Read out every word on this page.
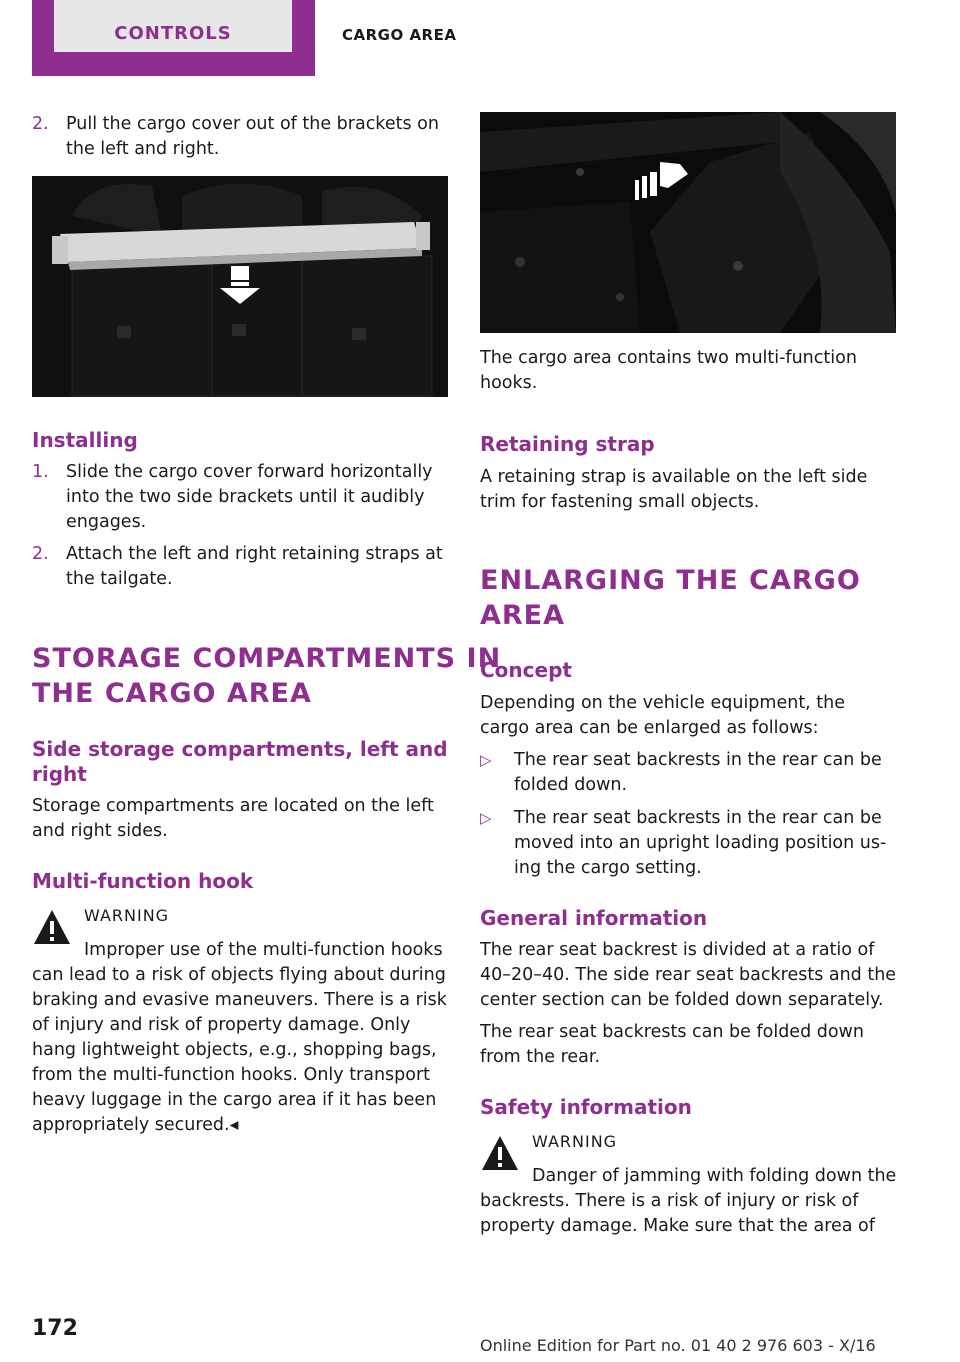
CONTROLS	CARGO AREA
2. Pull the cargo cover out of the brackets on
the left and right.
Installing
1. Slide the cargo cover forward horizontally
into the two side brackets until it audibly
engages.
2. Attach the left and right retaining straps at
the tailgate.
STORAGE COMPARTMENTS IN
THE CARGO AREA
Side storage compartments, left and
right
Storage compartments are located on the left
and right sides.
Multi-function hook
WARNING
Improper use of the multi-function hooks
can lead to a risk of objects flying about during
braking and evasive maneuvers. There is a risk
of injury and risk of property damage. Only
hang lightweight objects, e.g., shopping bags,
from the multi-function hooks. Only transport
heavy luggage in the cargo area if it has been
appropriately secured.◂
The cargo area contains two multi-function
hooks.
Retaining strap
A retaining strap is available on the left side
trim for fastening small objects.
ENLARGING THE CARGO
AREA
Concept
Depending on the vehicle equipment, the
cargo area can be enlarged as follows:
▷ The rear seat backrests in the rear can be
folded down.
▷ The rear seat backrests in the rear can be
moved into an upright loading position us‐
ing the cargo setting.
General information
The rear seat backrest is divided at a ratio of
40–20–40. The side rear seat backrests and the
center section can be folded down separately.
The rear seat backrests can be folded down
from the rear.
Safety information
WARNING
Danger of jamming with folding down the
backrests. There is a risk of injury or risk of
property damage. Make sure that the area of
172
Online Edition for Part no. 01 40 2 976 603 - X/16
